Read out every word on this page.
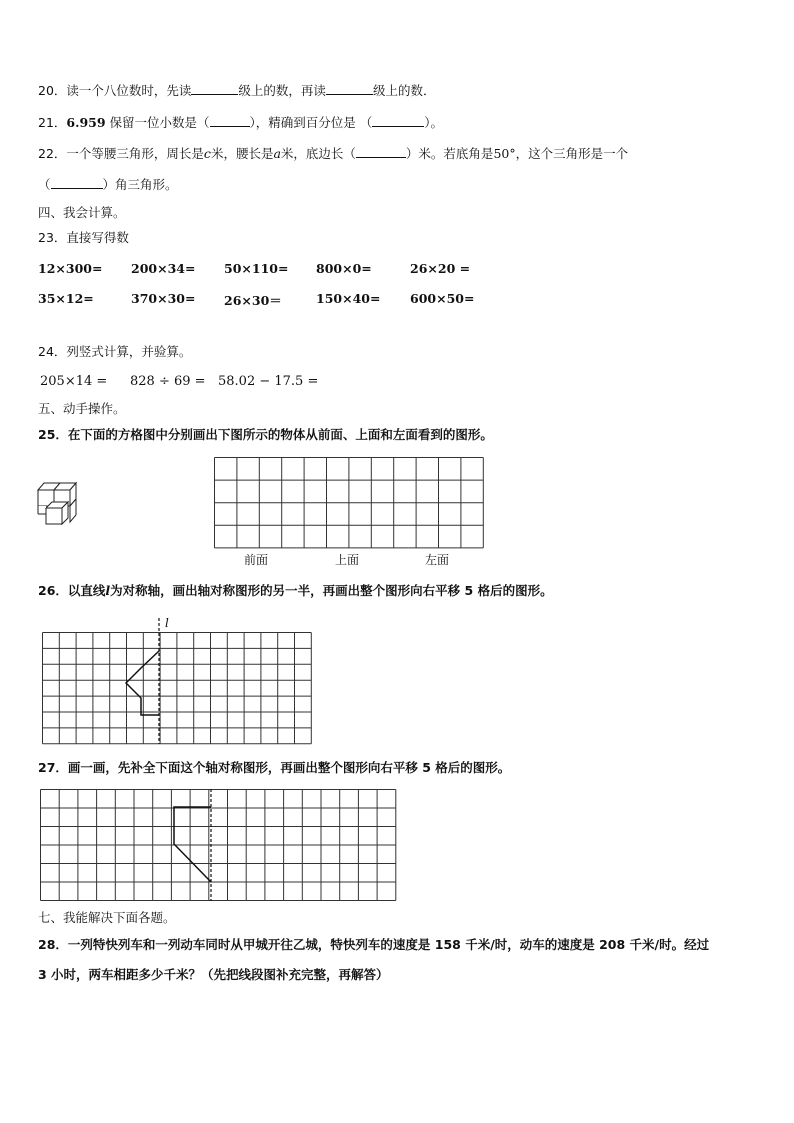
20．读一个八位数时，先读	级上的数，再读	级上的数．
21．6.959 保留一位小数是（	），精确到百分位是 （	）。
22．一个等腰三角形，周长是c米，腰长是a米，底边长（	）米。若底角是50°，这个三角形是一个
（	）角三角形。
四、我会计算。
23．直接写得数
12×300= 200×34= 50×110= 800×0=	26×20 =
35×12=	370×30= 26×30＝	150×40= 600×50=
24．列竖式计算，并验算。
205×14 = 828 ÷ 69 = 58.02 − 17.5 =
五、动手操作。
25．在下面的方格图中分别画出下图所示的物体从前面、上面和左面看到的图形。
前面	上面	左面
26．以直线l为对称轴，画出轴对称图形的另一半，再画出整个图形向右平移 5 格后的图形。
l
27．画一画，先补全下面这个轴对称图形，再画出整个图形向右平移 5 格后的图形。
七、我能解决下面各题。
28．一列特快列车和一列动车同时从甲城开往乙城，特快列车的速度是 158 千米/时，动车的速度是 208 千米/时。经过
3 小时，两车相距多少千米？（先把线段图补充完整，再解答）
